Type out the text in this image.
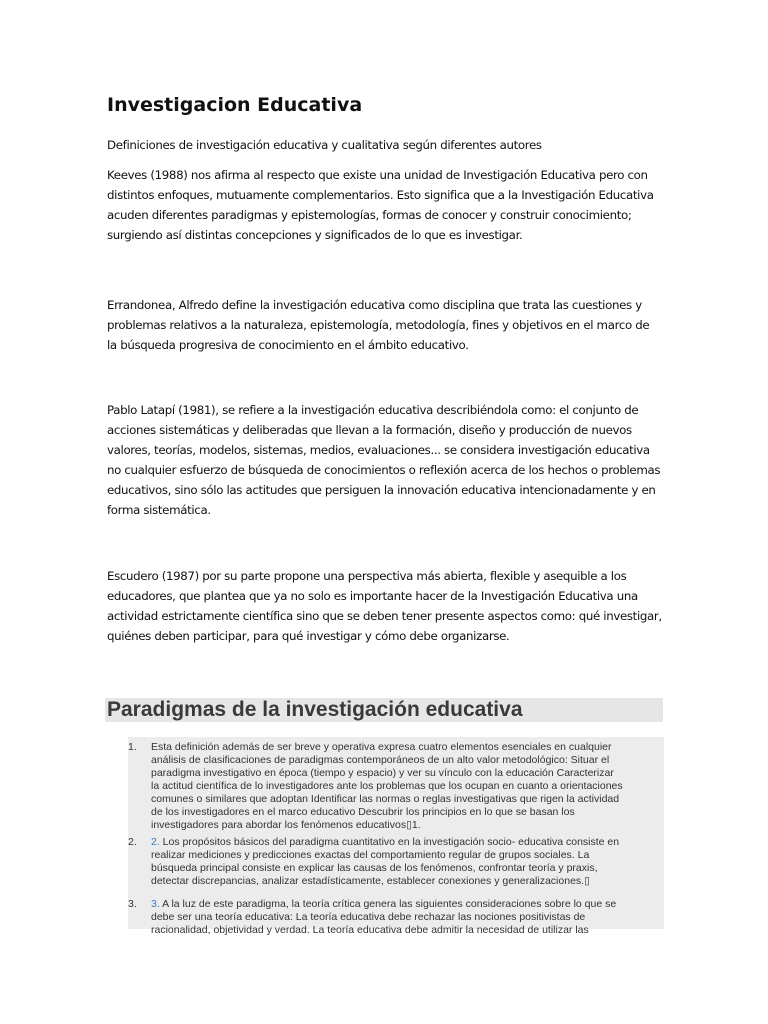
Investigacion Educativa

Definiciones de investigación educativa y cualitativa según diferentes autores

Keeves (1988) nos afirma al respecto que existe una unidad de Investigación Educativa pero con
distintos enfoques, mutuamente complementarios. Esto significa que a la Investigación Educativa
acuden diferentes paradigmas y epistemologías, formas de conocer y construir conocimiento;
surgiendo así distintas concepciones y significados de lo que es investigar.

Errandonea, Alfredo define la investigación educativa como disciplina que trata las cuestiones y
problemas relativos a la naturaleza, epistemología, metodología, fines y objetivos en el marco de
la búsqueda progresiva de conocimiento en el ámbito educativo.

Pablo Latapí (1981), se refiere a la investigación educativa describiéndola como: el conjunto de
acciones sistemáticas y deliberadas que llevan a la formación, diseño y producción de nuevos
valores, teorías, modelos, sistemas, medios, evaluaciones... se considera investigación educativa
no cualquier esfuerzo de búsqueda de conocimientos o reflexión acerca de los hechos o problemas
educativos, sino sólo las actitudes que persiguen la innovación educativa intencionadamente y en
forma sistemática.

Escudero (1987) por su parte propone una perspectiva más abierta, flexible y asequible a los
educadores, que plantea que ya no solo es importante hacer de la Investigación Educativa una
actividad estrictamente científica sino que se deben tener presente aspectos como: qué investigar,
quiénes deben participar, para qué investigar y cómo debe organizarse.

Paradigmas de la investigación educativa
1. Esta definición además de ser breve y operativa expresa cuatro elementos esenciales en cualquier
análisis de clasificaciones de paradigmas contemporáneos de un alto valor metodológico: Situar el
paradigma investigativo en época (tiempo y espacio) y ver su vínculo con la educación Caracterizar
la actitud científica de lo investigadores ante los problemas que los ocupan en cuanto a orientaciones
comunes o similares que adoptan Identificar las normas o reglas investigativas que rigen la actividad
de los investigadores en el marco educativo Descubrir los principios en lo que se basan los
investigadores para abordar los fenómenos educativos▯1.
2. 2. Los propósitos básicos del paradigma cuantitativo en la investigación socio- educativa consiste en
realizar mediciones y predicciones exactas del comportamiento regular de grupos sociales. La
búsqueda principal consiste en explicar las causas de los fenómenos, confrontar teoría y praxis,
detectar discrepancias, analizar estadísticamente, establecer conexiones y generalizaciones.▯
3. 3. A la luz de este paradigma, la teoría crítica genera las siguientes consideraciones sobre lo que se
debe ser una teoría educativa: La teoría educativa debe rechazar las nociones positivistas de
racionalidad, objetividad y verdad. La teoría educativa debe admitir la necesidad de utilizar las
